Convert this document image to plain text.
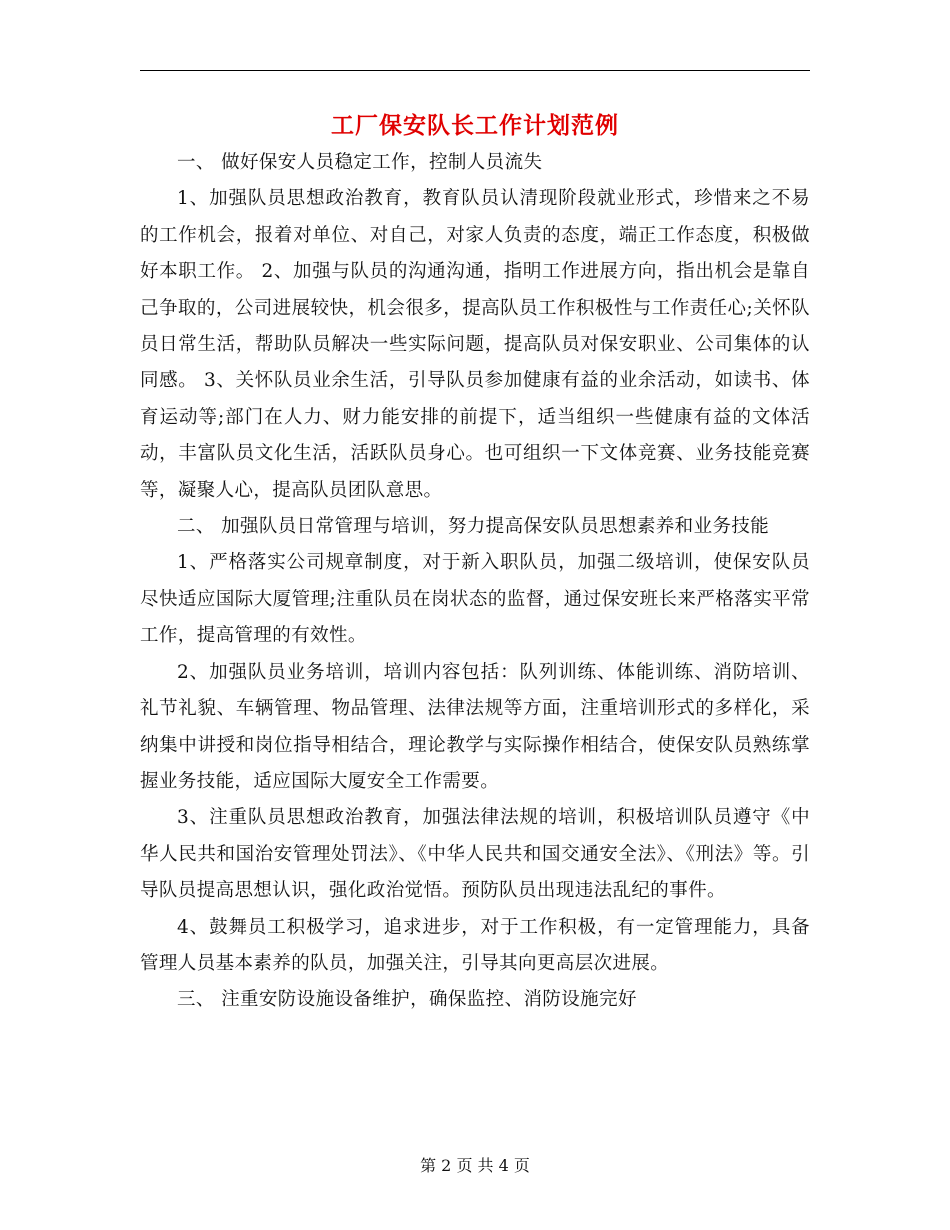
工厂保安队长工作计划范例

一、 做好保安人员稳定工作，控制人员流失

1、加强队员思想政治教育，教育队员认清现阶段就业形式，珍惜来之不易的工作机会，报着对单位、对自己，对家人负责的态度，端正工作态度，积极做好本职工作。 2、加强与队员的沟通沟通，指明工作进展方向，指出机会是靠自己争取的，公司进展较快，机会很多，提高队员工作积极性与工作责任心;关怀队员日常生活，帮助队员解决一些实际问题，提高队员对保安职业、公司集体的认同感。 3、关怀队员业余生活，引导队员参加健康有益的业余活动，如读书、体育运动等;部门在人力、财力能安排的前提下，适当组织一些健康有益的文体活动，丰富队员文化生活，活跃队员身心。也可组织一下文体竞赛、业务技能竞赛等，凝聚人心，提高队员团队意思。

二、 加强队员日常管理与培训，努力提高保安队员思想素养和业务技能

1、严格落实公司规章制度，对于新入职队员，加强二级培训，使保安队员尽快适应国际大厦管理;注重队员在岗状态的监督，通过保安班长来严格落实平常工作，提高管理的有效性。

2、加强队员业务培训，培训内容包括：队列训练、体能训练、消防培训、礼节礼貌、车辆管理、物品管理、法律法规等方面，注重培训形式的多样化，采纳集中讲授和岗位指导相结合，理论教学与实际操作相结合，使保安队员熟练掌握业务技能，适应国际大厦安全工作需要。

3、注重队员思想政治教育，加强法律法规的培训，积极培训队员遵守《中华人民共和国治安管理处罚法》、《中华人民共和国交通安全法》、《刑法》等。引导队员提高思想认识，强化政治觉悟。预防队员出现违法乱纪的事件。

4、鼓舞员工积极学习，追求进步，对于工作积极，有一定管理能力，具备管理人员基本素养的队员，加强关注，引导其向更高层次进展。

三、 注重安防设施设备维护，确保监控、消防设施完好

第 2 页 共 4 页
